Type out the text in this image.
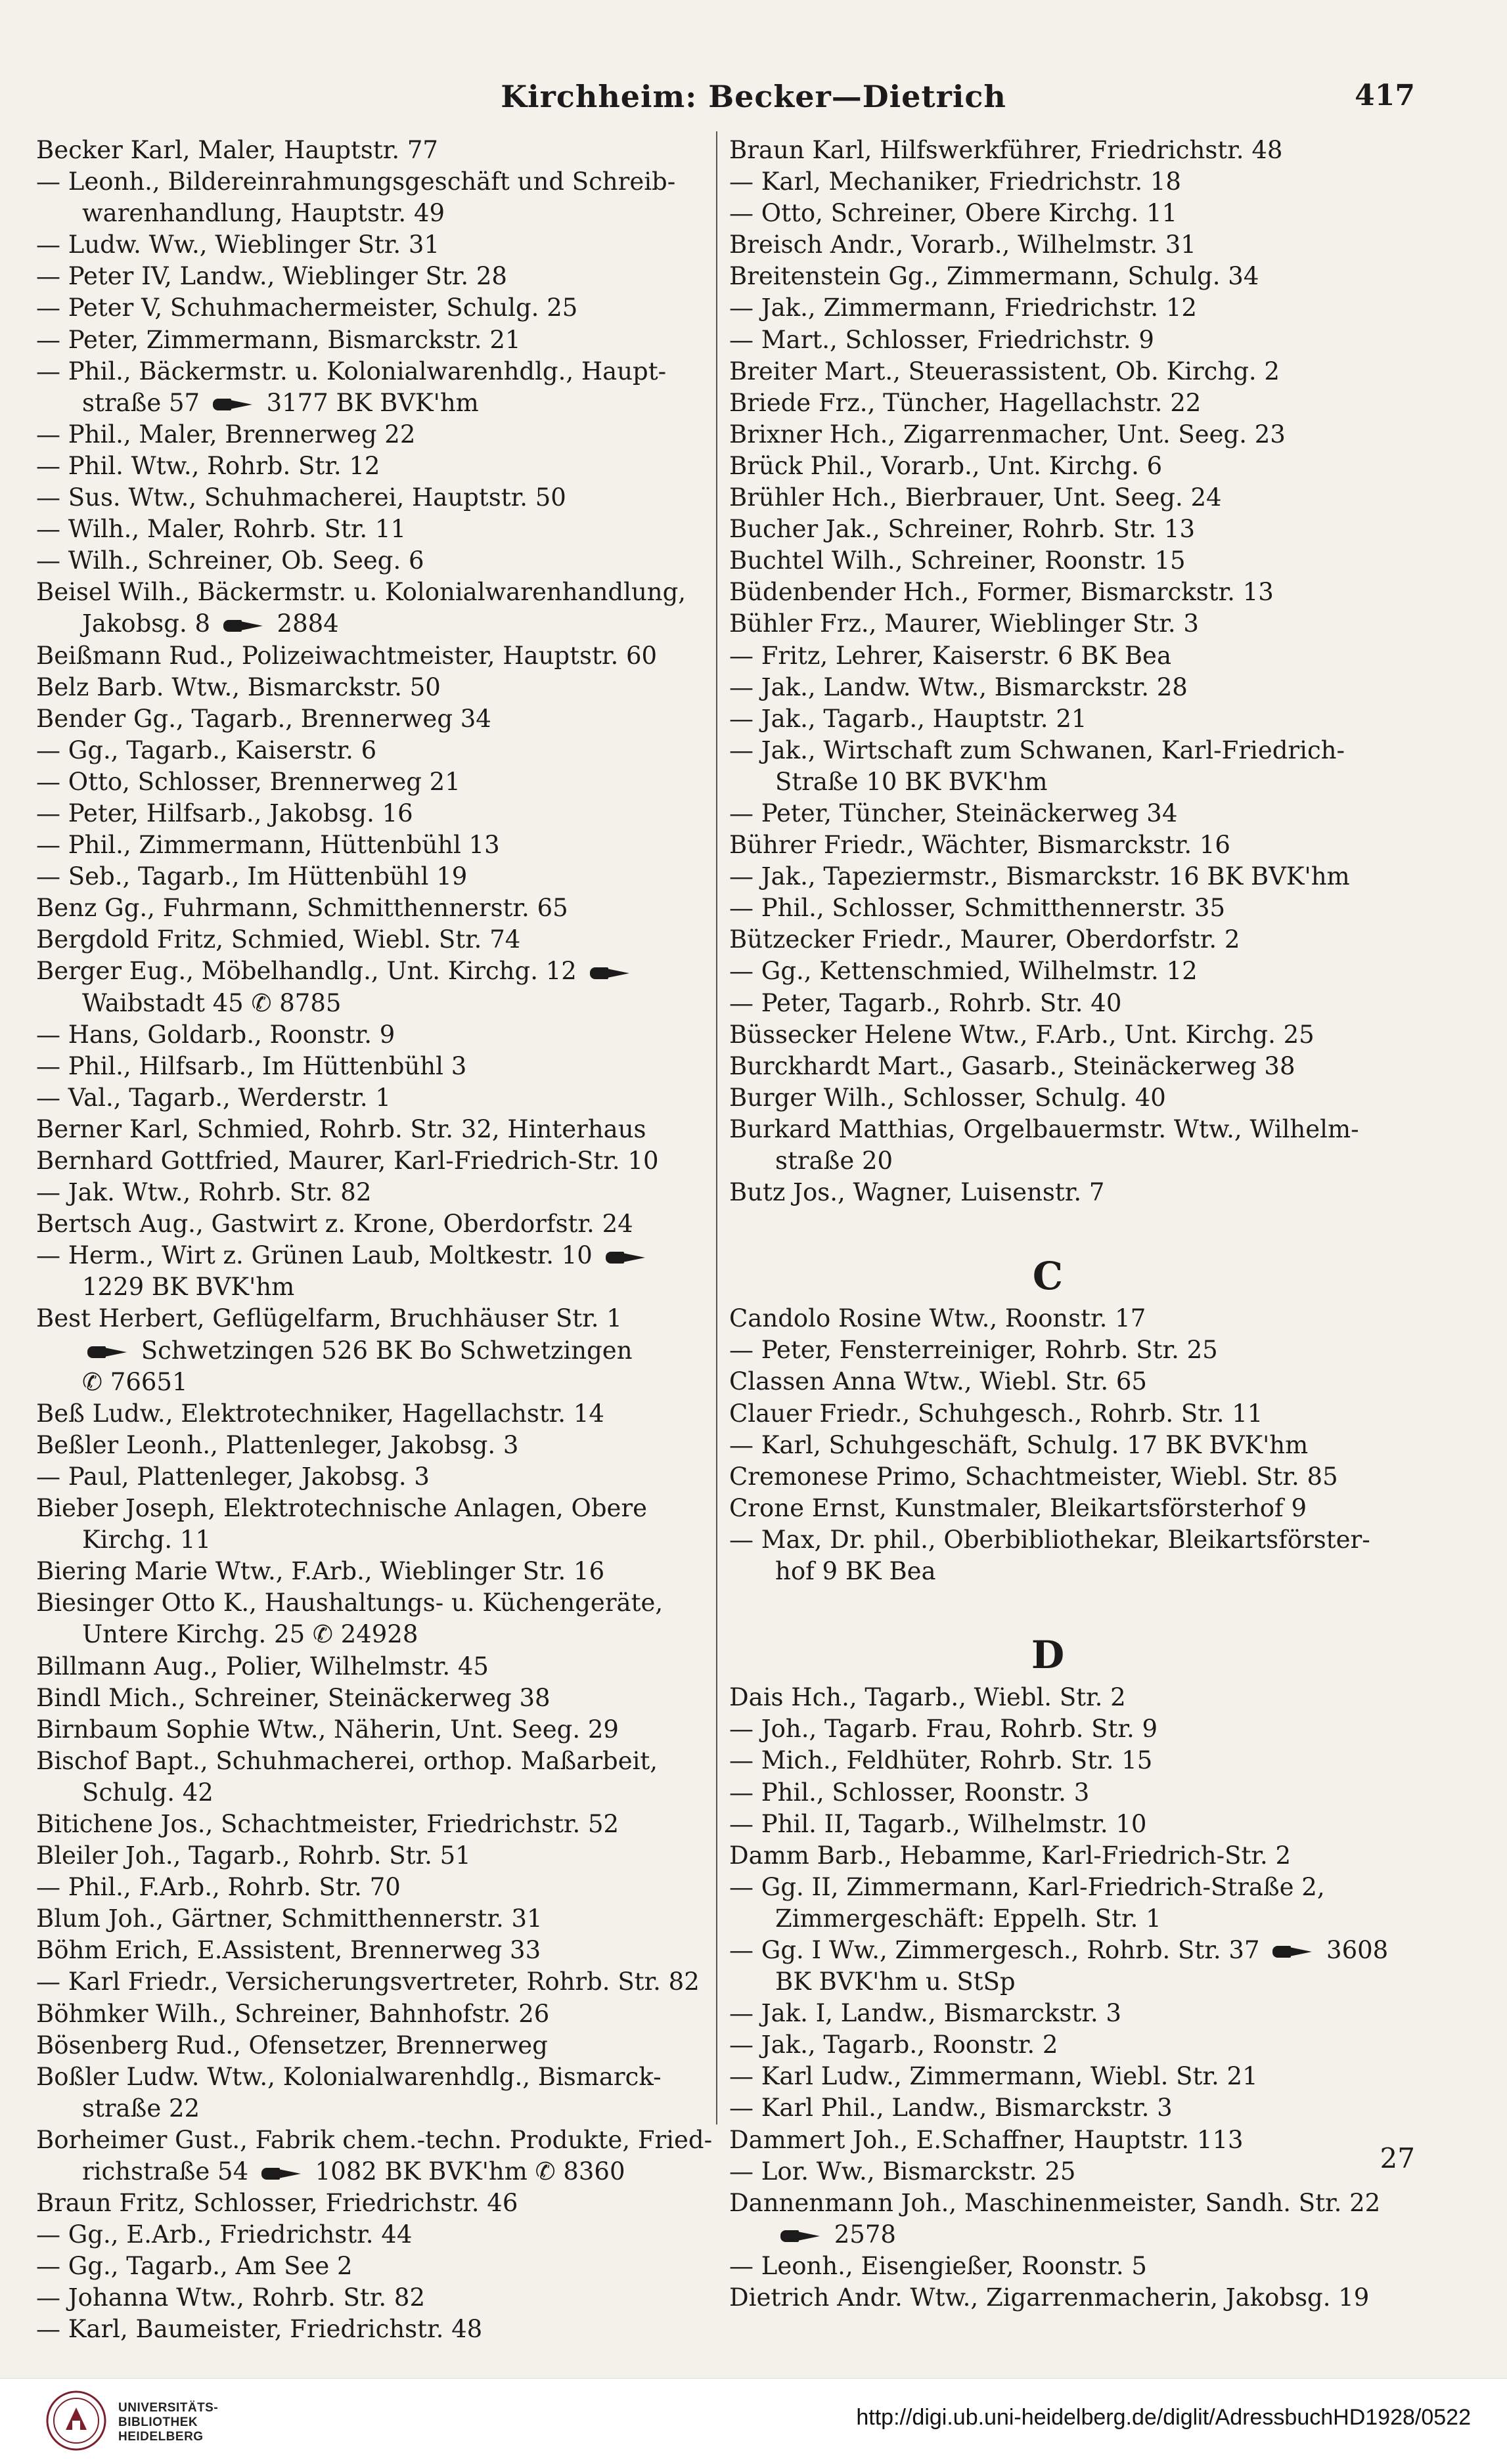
Kirchheim: Becker—Dietrich	417
Becker Karl, Maler, Hauptstr. 77
— Leonh., Bildereinrahmungsgeschäft und Schreib-
warenhandlung, Hauptstr. 49
— Ludw. Ww., Wieblinger Str. 31
— Peter IV, Landw., Wieblinger Str. 28
— Peter V, Schuhmachermeister, Schulg. 25
— Peter, Zimmermann, Bismarckstr. 21
— Phil., Bäckermstr. u. Kolonialwarenhdlg., Haupt-
straße 57  3177 BK BVK'hm
— Phil., Maler, Brennerweg 22
— Phil. Wtw., Rohrb. Str. 12
— Sus. Wtw., Schuhmacherei, Hauptstr. 50
— Wilh., Maler, Rohrb. Str. 11
— Wilh., Schreiner, Ob. Seeg. 6
Beisel Wilh., Bäckermstr. u. Kolonialwarenhandlung,
Jakobsg. 8  2884
Beißmann Rud., Polizeiwachtmeister, Hauptstr. 60
Belz Barb. Wtw., Bismarckstr. 50
Bender Gg., Tagarb., Brennerweg 34
— Gg., Tagarb., Kaiserstr. 6
— Otto, Schlosser, Brennerweg 21
— Peter, Hilfsarb., Jakobsg. 16
— Phil., Zimmermann, Hüttenbühl 13
— Seb., Tagarb., Im Hüttenbühl 19
Benz Gg., Fuhrmann, Schmitthennerstr. 65
Bergdold Fritz, Schmied, Wiebl. Str. 74
Berger Eug., Möbelhandlg., Unt. Kirchg. 12
Waibstadt 45 ✆ 8785
— Hans, Goldarb., Roonstr. 9
— Phil., Hilfsarb., Im Hüttenbühl 3
— Val., Tagarb., Werderstr. 1
Berner Karl, Schmied, Rohrb. Str. 32, Hinterhaus
Bernhard Gottfried, Maurer, Karl-Friedrich-Str. 10
— Jak. Wtw., Rohrb. Str. 82
Bertsch Aug., Gastwirt z. Krone, Oberdorfstr. 24
— Herm., Wirt z. Grünen Laub, Moltkestr. 10
1229 BK BVK'hm
Best Herbert, Geflügelfarm, Bruchhäuser Str. 1
Schwetzingen 526 BK Bo Schwetzingen
✆ 76651
Beß Ludw., Elektrotechniker, Hagellachstr. 14
Beßler Leonh., Plattenleger, Jakobsg. 3
— Paul, Plattenleger, Jakobsg. 3
Bieber Joseph, Elektrotechnische Anlagen, Obere
Kirchg. 11
Biering Marie Wtw., F.Arb., Wieblinger Str. 16
Biesinger Otto K., Haushaltungs- u. Küchengeräte,
Untere Kirchg. 25 ✆ 24928
Billmann Aug., Polier, Wilhelmstr. 45
Bindl Mich., Schreiner, Steinäckerweg 38
Birnbaum Sophie Wtw., Näherin, Unt. Seeg. 29
Bischof Bapt., Schuhmacherei, orthop. Maßarbeit,
Schulg. 42
Bitichene Jos., Schachtmeister, Friedrichstr. 52
Bleiler Joh., Tagarb., Rohrb. Str. 51
— Phil., F.Arb., Rohrb. Str. 70
Blum Joh., Gärtner, Schmitthennerstr. 31
Böhm Erich, E.Assistent, Brennerweg 33
— Karl Friedr., Versicherungsvertreter, Rohrb. Str. 82
Böhmker Wilh., Schreiner, Bahnhofstr. 26
Bösenberg Rud., Ofensetzer, Brennerweg
Boßler Ludw. Wtw., Kolonialwarenhdlg., Bismarck-
straße 22
Borheimer Gust., Fabrik chem.-techn. Produkte, Fried-
richstraße 54  1082 BK BVK'hm ✆ 8360
Braun Fritz, Schlosser, Friedrichstr. 46
— Gg., E.Arb., Friedrichstr. 44
— Gg., Tagarb., Am See 2
— Johanna Wtw., Rohrb. Str. 82
— Karl, Baumeister, Friedrichstr. 48
Braun Karl, Hilfswerkführer, Friedrichstr. 48
— Karl, Mechaniker, Friedrichstr. 18
— Otto, Schreiner, Obere Kirchg. 11
Breisch Andr., Vorarb., Wilhelmstr. 31
Breitenstein Gg., Zimmermann, Schulg. 34
— Jak., Zimmermann, Friedrichstr. 12
— Mart., Schlosser, Friedrichstr. 9
Breiter Mart., Steuerassistent, Ob. Kirchg. 2
Briede Frz., Tüncher, Hagellachstr. 22
Brixner Hch., Zigarrenmacher, Unt. Seeg. 23
Brück Phil., Vorarb., Unt. Kirchg. 6
Brühler Hch., Bierbrauer, Unt. Seeg. 24
Bucher Jak., Schreiner, Rohrb. Str. 13
Buchtel Wilh., Schreiner, Roonstr. 15
Büdenbender Hch., Former, Bismarckstr. 13
Bühler Frz., Maurer, Wieblinger Str. 3
— Fritz, Lehrer, Kaiserstr. 6 BK Bea
— Jak., Landw. Wtw., Bismarckstr. 28
— Jak., Tagarb., Hauptstr. 21
— Jak., Wirtschaft zum Schwanen, Karl-Friedrich-
Straße 10 BK BVK'hm
— Peter, Tüncher, Steinäckerweg 34
Bührer Friedr., Wächter, Bismarckstr. 16
— Jak., Tapeziermstr., Bismarckstr. 16 BK BVK'hm
— Phil., Schlosser, Schmitthennerstr. 35
Bützecker Friedr., Maurer, Oberdorfstr. 2
— Gg., Kettenschmied, Wilhelmstr. 12
— Peter, Tagarb., Rohrb. Str. 40
Büssecker Helene Wtw., F.Arb., Unt. Kirchg. 25
Burckhardt Mart., Gasarb., Steinäckerweg 38
Burger Wilh., Schlosser, Schulg. 40
Burkard Matthias, Orgelbauermstr. Wtw., Wilhelm-
straße 20
Butz Jos., Wagner, Luisenstr. 7
C
Candolo Rosine Wtw., Roonstr. 17
— Peter, Fensterreiniger, Rohrb. Str. 25
Classen Anna Wtw., Wiebl. Str. 65
Clauer Friedr., Schuhgesch., Rohrb. Str. 11
— Karl, Schuhgeschäft, Schulg. 17 BK BVK'hm
Cremonese Primo, Schachtmeister, Wiebl. Str. 85
Crone Ernst, Kunstmaler, Bleikartsförsterhof 9
— Max, Dr. phil., Oberbibliothekar, Bleikartsförster-
hof 9 BK Bea
D
Dais Hch., Tagarb., Wiebl. Str. 2
— Joh., Tagarb. Frau, Rohrb. Str. 9
— Mich., Feldhüter, Rohrb. Str. 15
— Phil., Schlosser, Roonstr. 3
— Phil. II, Tagarb., Wilhelmstr. 10
Damm Barb., Hebamme, Karl-Friedrich-Str. 2
— Gg. II, Zimmermann, Karl-Friedrich-Straße 2,
Zimmergeschäft: Eppelh. Str. 1
— Gg. I Ww., Zimmergesch., Rohrb. Str. 37  3608
BK BVK'hm u. StSp
— Jak. I, Landw., Bismarckstr. 3
— Jak., Tagarb., Roonstr. 2
— Karl Ludw., Zimmermann, Wiebl. Str. 21
— Karl Phil., Landw., Bismarckstr. 3
Dammert Joh., E.Schaffner, Hauptstr. 113
— Lor. Ww., Bismarckstr. 25
Dannenmann Joh., Maschinenmeister, Sandh. Str. 22
2578
— Leonh., Eisengießer, Roonstr. 5
Dietrich Andr. Wtw., Zigarrenmacherin, Jakobsg. 19
27
UNIVERSITÄTS-
BIBLIOTHEK
HEIDELBERG
http://digi.ub.uni-heidelberg.de/diglit/AdressbuchHD1928/0522
